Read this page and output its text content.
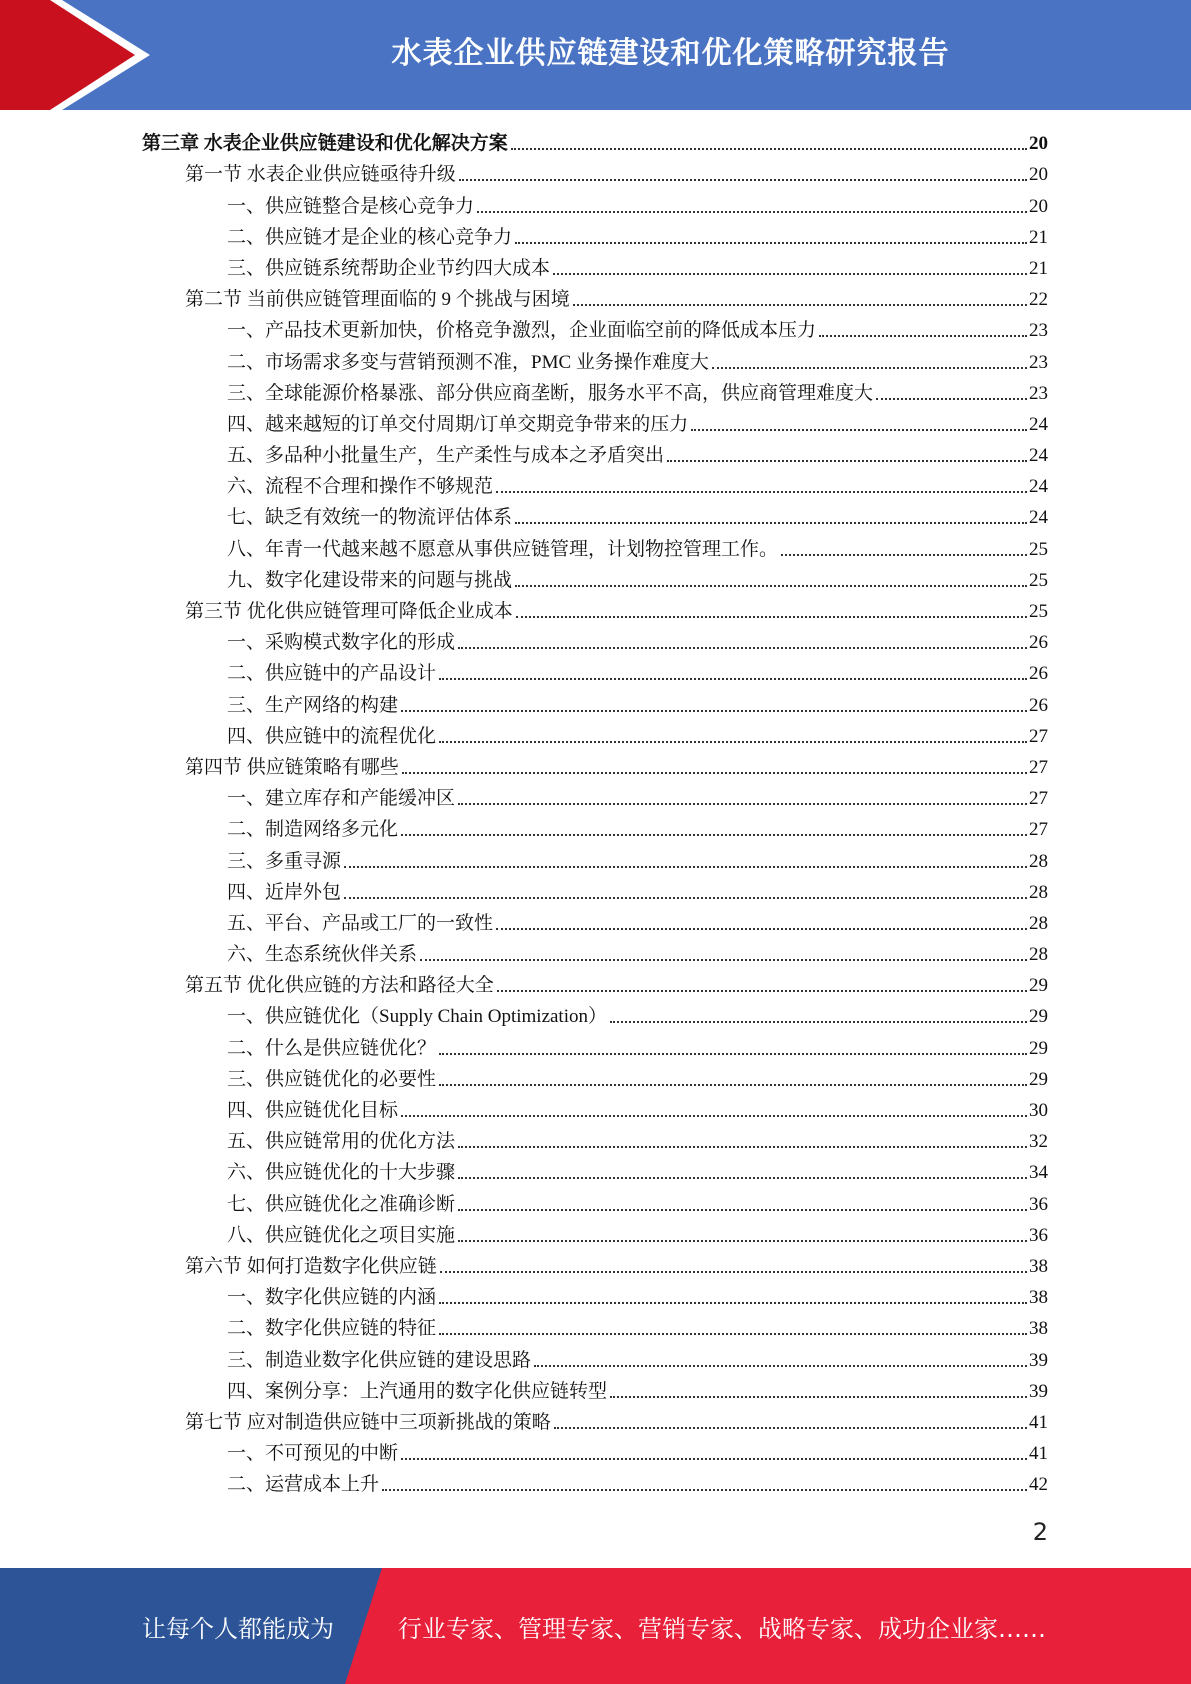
水表企业供应链建设和优化策略研究报告
第三章 水表企业供应链建设和优化解决方案	20
第一节 水表企业供应链亟待升级	20
一、供应链整合是核心竞争力	20
二、供应链才是企业的核心竞争力	21
三、供应链系统帮助企业节约四大成本	21
第二节 当前供应链管理面临的 9 个挑战与困境	22
一、产品技术更新加快，价格竞争激烈，企业面临空前的降低成本压力	23
二、市场需求多变与营销预测不准，PMC 业务操作难度大	23
三、全球能源价格暴涨、部分供应商垄断，服务水平不高，供应商管理难度大	23
四、越来越短的订单交付周期/订单交期竞争带来的压力	24
五、多品种小批量生产，生产柔性与成本之矛盾突出	24
六、流程不合理和操作不够规范	24
七、缺乏有效统一的物流评估体系	24
八、年青一代越来越不愿意从事供应链管理，计划物控管理工作。	25
九、数字化建设带来的问题与挑战	25
第三节 优化供应链管理可降低企业成本	25
一、采购模式数字化的形成	26
二、供应链中的产品设计	26
三、生产网络的构建	26
四、供应链中的流程优化	27
第四节 供应链策略有哪些	27
一、建立库存和产能缓冲区	27
二、制造网络多元化	27
三、多重寻源	28
四、近岸外包	28
五、平台、产品或工厂的一致性	28
六、生态系统伙伴关系	28
第五节 优化供应链的方法和路径大全	29
一、供应链优化（Supply Chain Optimization）	29
二、什么是供应链优化？	29
三、供应链优化的必要性	29
四、供应链优化目标	30
五、供应链常用的优化方法	32
六、供应链优化的十大步骤	34
七、供应链优化之准确诊断	36
八、供应链优化之项目实施	36
第六节 如何打造数字化供应链	38
一、数字化供应链的内涵	38
二、数字化供应链的特征	38
三、制造业数字化供应链的建设思路	39
四、案例分享：上汽通用的数字化供应链转型	39
第七节 应对制造供应链中三项新挑战的策略	41
一、不可预见的中断	41
二、运营成本上升	42
2
让每个人都能成为	行业专家、管理专家、营销专家、战略专家、成功企业家……
